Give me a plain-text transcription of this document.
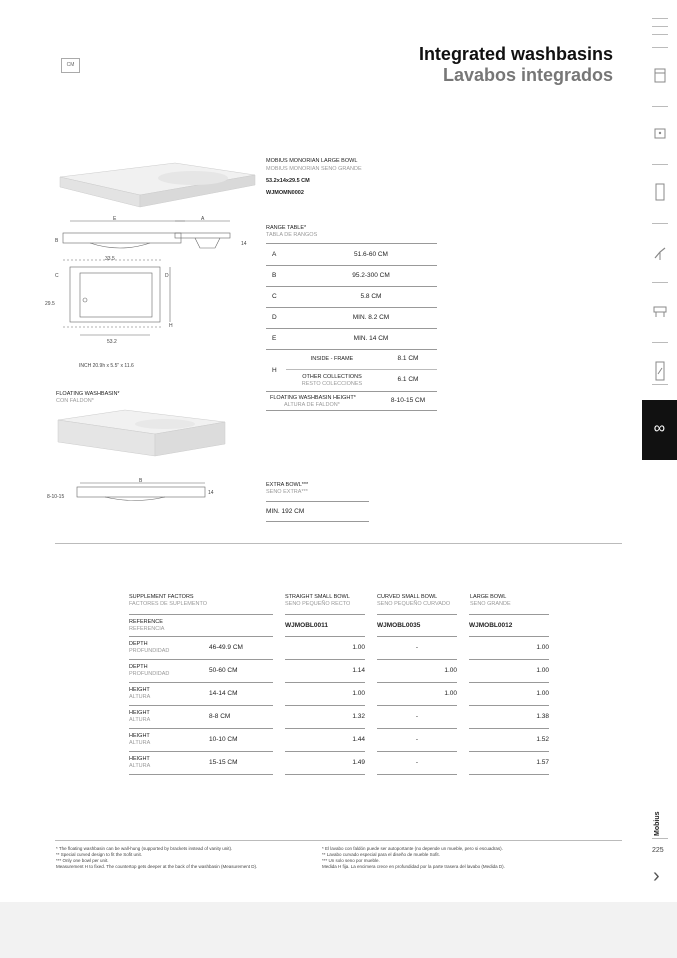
CM
Integrated washbasins
Lavabos integrados
Mobius
225
›
∞
E	A
B	14
33.5
C
29.5
D
H
53.2
INCH 20.9h x 5.5" x 11.6
MOBIUS MONORIAN LARGE BOWL
MOBIUS MONORIAN SENO GRANDE
53.2x14x29.5 CM
WJMOMN0002
RANGE TABLE*
TABLA DE RANGOS
A	51.6-60 CM
B	95.2-300 CM
C	5.8 CM
D	MIN. 8.2 CM
E	MIN. 14 CM
H
INSIDE - FRAME	8.1 CM
OTHER COLLECTIONS
RESTO COLECCIONES
6.1 CM
FLOATING WASHBASIN HEIGHT*
ALTURA DE FALDON*
8-10-15 CM
FLOATING WASHBASIN*
CON FALDON*
B
14
8-10-15
EXTRA BOWL***
SENO EXTRA***
MIN. 192 CM
SUPPLEMENT FACTORS
FACTORES DE SUPLEMENTO
STRAIGHT SMALL BOWL
SENO PEQUEÑO RECTO
CURVED SMALL BOWL
SENO PEQUEÑO CURVADO
LARGE BOWL
SENO GRANDE
REFERENCE
REFERENCIA	WJMOBL0011	WJMOBL0035	WJMOBL0012
DEPTH
PROFUNDIDAD	46-49.9 CM	1.00	-	1.00
DEPTH
PROFUNDIDAD	50-60 CM	1.14	1.00	1.00
HEIGHT
ALTURA	14-14 CM	1.00	1.00	1.00
HEIGHT
ALTURA	8-8 CM	1.32	-	1.38
HEIGHT
ALTURA	10-10 CM	1.44	-	1.52
HEIGHT
ALTURA	15-15 CM	1.49	-	1.57
* The floating washbasin can be wall-hung (supported by brackets instead of vanity unit).
** Special curved design to fit the Sofit unit.
*** Only one bowl per unit.
Measurement H to fixed. The countertop gets deeper at the back of the washbasin (Measurement D).
* El lavabo con faldón puede ser autoportante (no depende un mueble, pero si escuadras).
** Lavabo curvado especial para el diseño de mueble Sofit.
*** Un solo seno por mueble.
Medida H fija. La encimera crece en profundidad por la parte trasera del lavabo (Medida D).
